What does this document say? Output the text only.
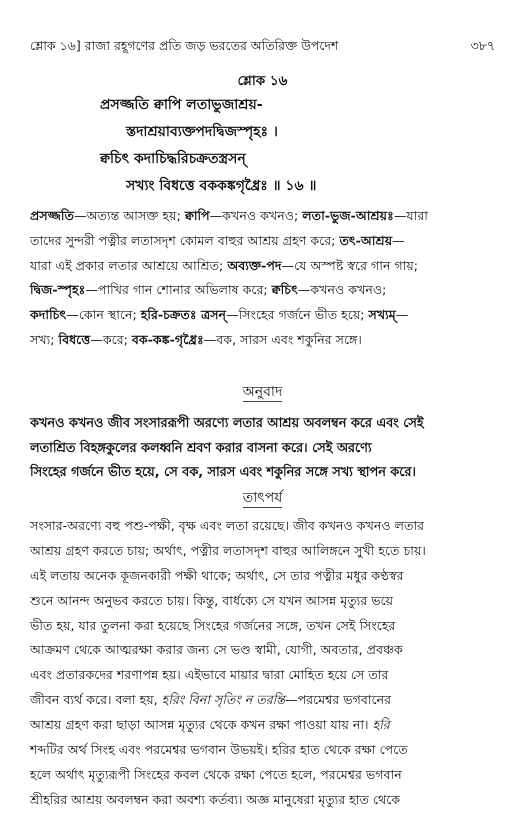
শ্লোক ১৬] রাজা রহূগণের প্রতি জড় ভরতের অতিরিক্ত উপদেশ	৩৮৭
শ্লোক ১৬
প্রসজ্জতি ক্বাপি লতাভুজাশ্রয়-
স্তদাশ্রয়াব্যক্তপদদ্বিজস্পৃহঃ ।
ক্বচিৎ কদাচিদ্ধরিচক্রতস্ত্রসন্
সখ্যং বিধত্তে বককঙ্কগৃধ্রৈঃ ॥ ১৬ ॥
প্রসজ্জতি—অত্যন্ত আসক্ত হয়; ক্বাপি—কখনও কখনও; লতা-ভুজ-আশ্রয়ঃ—যারা
তাদের সুন্দরী পত্নীর লতাসদৃশ কোমল বাহুর আশ্রয় গ্রহণ করে; তৎ-আশ্রয়—
যারা এই প্রকার লতার আশ্রয়ে আশ্রিত; অব্যক্ত-পদ—যে অস্পষ্ট স্বরে গান গায়;
দ্বিজ-স্পৃহঃ—পাখির গান শোনার অভিলাষ করে; ক্বচিৎ—কখনও কখনও;
কদাচিৎ—কোন স্থানে; হরি-চক্রতঃ ত্রসন্—সিংহের গর্জনে ভীত হয়ে; সখ্যম্—
সখ্য; বিধত্তে—করে; বক-কঙ্ক-গৃধ্রৈঃ—বক, সারস এবং শকুনির সঙ্গে।
অনুবাদ
কখনও কখনও জীব সংসাররূপী অরণ্যে লতার আশ্রয় অবলম্বন করে এবং সেই
লতাশ্রিত বিহঙ্গকুলের কলধ্বনি শ্রবণ করার বাসনা করে। সেই অরণ্যে
সিংহের গর্জনে ভীত হয়ে, সে বক, সারস এবং শকুনির সঙ্গে সখ্য স্থাপন করে।
তাৎপর্য
সংসার-অরণ্যে বহু পশু-পক্ষী, বৃক্ষ এবং লতা রয়েছে। জীব কখনও কখনও লতার
আশ্রয় গ্রহণ করতে চায়; অর্থাৎ, পত্নীর লতাসদৃশ বাহুর আলিঙ্গনে সুখী হতে চায়।
এই লতায় অনেক কূজনকারী পক্ষী থাকে; অর্থাৎ, সে তার পত্নীর মধুর কণ্ঠস্বর
শুনে আনন্দ অনুভব করতে চায়। কিন্তু, বার্ধক্যে সে যখন আসন্ন মৃত্যুর ভয়ে
ভীত হয়, যার তুলনা করা হয়েছে সিংহের গর্জনের সঙ্গে, তখন সেই সিংহের
আক্রমণ থেকে আত্মরক্ষা করার জন্য সে ভণ্ড স্বামী, যোগী, অবতার, প্রবঞ্চক
এবং প্রতারকদের শরণাপন্ন হয়। এইভাবে মায়ার দ্বারা মোহিত হয়ে সে তার
জীবন ব্যর্থ করে। বলা হয়, হরিং বিনা সৃতিং ন তরন্তি—পরমেশ্বর ভগবানের
আশ্রয় গ্রহণ করা ছাড়া আসন্ন মৃত্যুর থেকে কখন রক্ষা পাওয়া যায় না। হরি
শব্দটির অর্থ সিংহ এবং পরমেশ্বর ভগবান উভয়ই। হরির হাত থেকে রক্ষা পেতে
হলে অর্থাৎ মৃত্যুরূপী সিংহের কবল থেকে রক্ষা পেতে হলে, পরমেশ্বর ভগবান
শ্রীহরির আশ্রয় অবলম্বন করা অবশ্য কর্তব্য। অজ্ঞ মানুষেরা মৃত্যুর হাত থেকে
